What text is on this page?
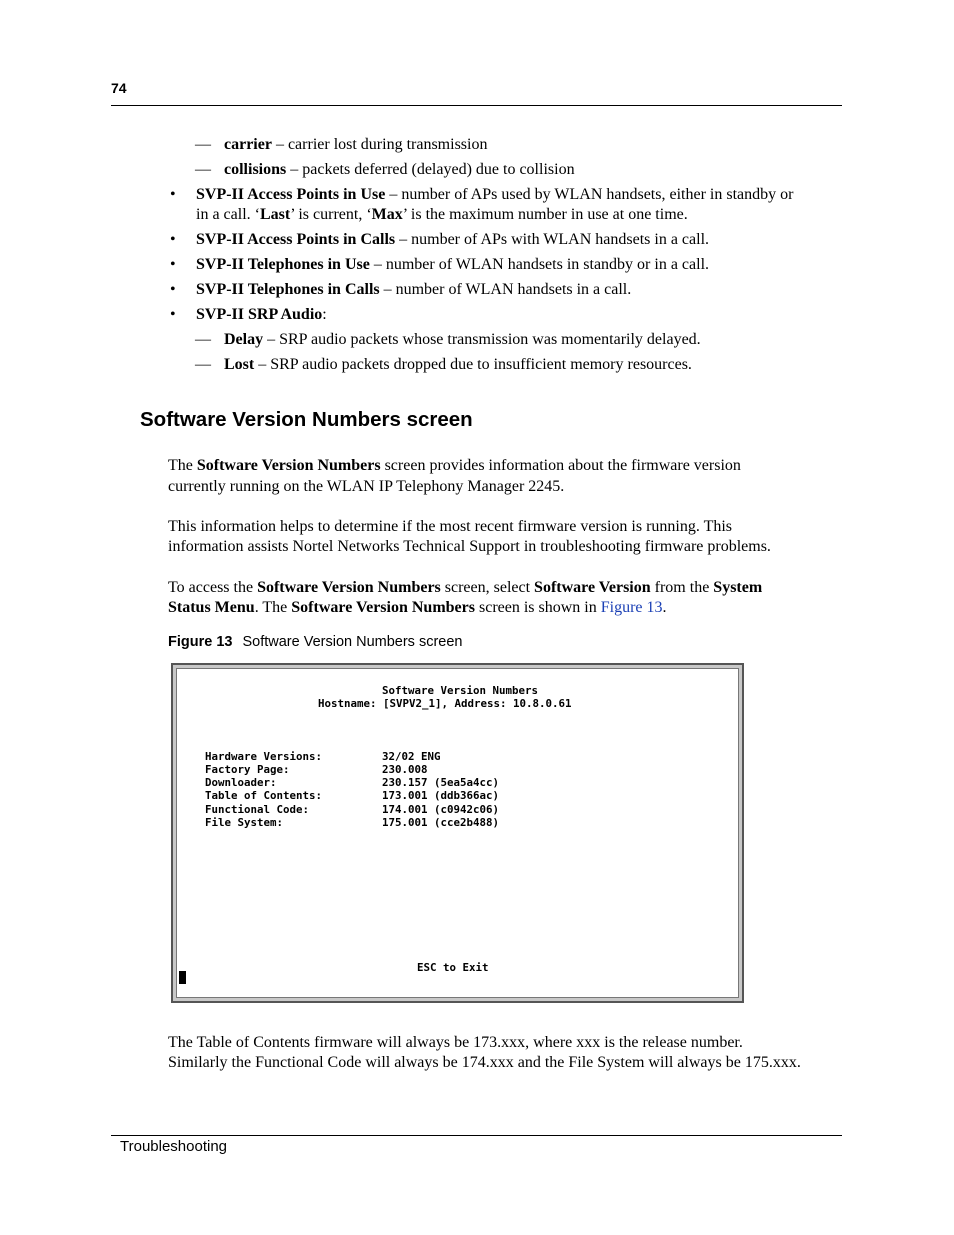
74
— carrier – carrier lost during transmission
— collisions – packets deferred (delayed) due to collision
• SVP-II Access Points in Use – number of APs used by WLAN handsets, either in standby or
in a call. ‘Last’ is current, ‘Max’ is the maximum number in use at one time.
• SVP-II Access Points in Calls – number of APs with WLAN handsets in a call.
• SVP-II Telephones in Use – number of WLAN handsets in standby or in a call.
• SVP-II Telephones in Calls – number of WLAN handsets in a call.
• SVP-II SRP Audio:
— Delay – SRP audio packets whose transmission was momentarily delayed.
— Lost – SRP audio packets dropped due to insufficient memory resources.
Software Version Numbers screen
The Software Version Numbers screen provides information about the firmware version
currently running on the WLAN IP Telephony Manager 2245.
This information helps to determine if the most recent firmware version is running. This
information assists Nortel Networks Technical Support in troubleshooting firmware problems.
To access the Software Version Numbers screen, select Software Version from the System
Status Menu. The Software Version Numbers screen is shown in Figure 13.
Figure 13 Software Version Numbers screen
Software Version Numbers
Hostname: [SVPV2_1], Address: 10.8.0.61
Hardware Versions:	32/02 ENG
Factory Page:	230.008
Downloader:	230.157 (5ea5a4cc)
Table of Contents:	173.001 (ddb366ac)
Functional Code:	174.001 (c0942c06)
File System:	175.001 (cce2b488)
ESC to Exit
The Table of Contents firmware will always be 173.xxx, where xxx is the release number.
Similarly the Functional Code will always be 174.xxx and the File System will always be 175.xxx.
Troubleshooting
